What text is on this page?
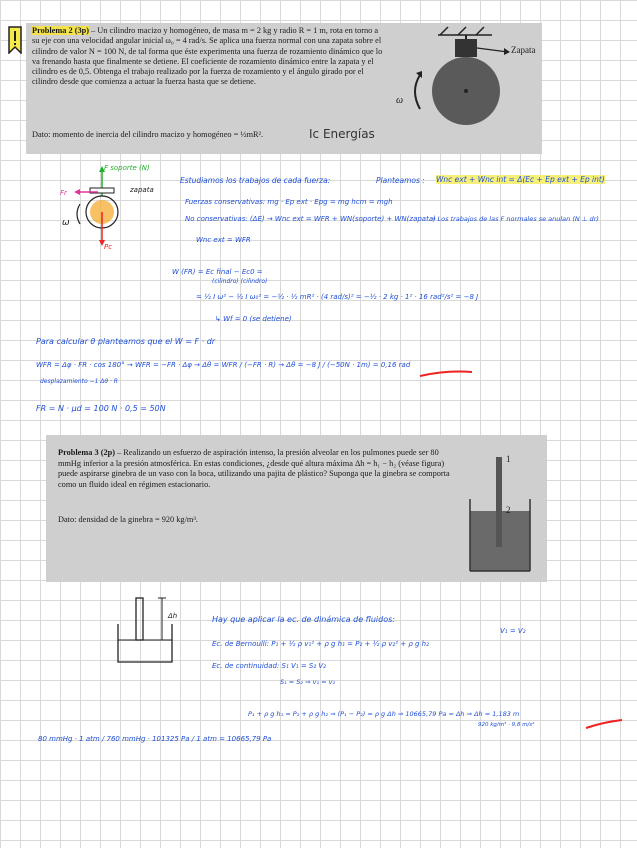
Problema 2 (3p) – Un cilindro macizo y homogéneo, de masa m = 2 kg y radio R = 1 m, rota en torno a su eje con una velocidad angular inicial ω₀ = 4 rad/s. Se aplica una fuerza normal con una zapata sobre el cilindro de valor N = 100 N, de tal forma que éste experimenta una fuerza de rozamiento dinámico que lo va frenando hasta que finalmente se detiene. El coeficiente de rozamiento dinámico entre la zapata y el cilindro es de 0,5. Obtenga el trabajo realizado por la fuerza de rozamiento y el ángulo girado por el cilindro desde que comienza a actuar la fuerza hasta que se detiene.

Dato: momento de inercia del cilindro macizo y homogéneo = ½mR².	Ic Energías
Zapata
ω
F soporte (N)
Fr	zapata
ω
Pc
Estudiamos los trabajos de cada fuerza:	Planteamos : Wnc ext + Wnc int = Δ(Ec + Ep ext + Ep int)
Fuerzas conservativas: mg · Ep ext · Epg = mg hcm = mgh
No conservativas: (ΔE) → Wnc ext = WFR + WN(soporte) + WN(zapata)
→ Los trabajos de las F normales se anulan (N ⊥ dr)
Wnc ext = WFR
W (FR) = Ec final − Ec0 =
(cilindro) (cilindro)
= ½ I ω² − ½ I ω₀² = −½ · ½ mR² · (4 rad/s)² = −½ · 2 kg · 1² · 16 rad²/s² = −8 J
↳ Wf = 0 (se detiene)
Para calcular θ planteamos que el W = F · dr
WFR = Δφ · FR · cos 180° → WFR = −FR · Δφ → Δθ = WFR / (−FR · R) → Δθ = −8 J / (−50N · 1m) = 0,16 rad
desplazamiento −1 Δθ · R
FR = N · μd = 100 N · 0,5 = 50N

Problema 3 (2p) – Realizando un esfuerzo de aspiración intenso, la presión alveolar en los pulmones puede ser 80 mmHg inferior a la presión atmosférica. En estas condiciones, ¿desde qué altura máxima Δh = h₁ − h₂ (véase figura) puede aspirarse ginebra de un vaso con la boca, utilizando una pajita de plástico? Suponga que la ginebra se comporta como un fluido ideal en régimen estacionario.

Dato: densidad de la ginebra = 920 kg/m³.

1
2
Δh	Hay que aplicar la ec. de dinámica de fluidos:
Ec. de Bernoulli: P₁ + ½ ρ v₁² + ρ g h₁ = P₂ + ½ ρ v₂² + ρ g h₂
V₁ = V₂
Ec. de continuidad: S₁ V₁ = S₂ V₂
S₁ = S₂ ⇒ v₁ = v₂
P₁ + ρ g h₁ = P₂ + ρ g h₂ ⇒ (P₁ − P₂) = ρ g Δh ⇒ 10665,79 Pa = Δh ⇒ Δh = 1,183 m
920 kg/m³ · 9,8 m/s²
80 mmHg · 1 atm / 760 mmHg · 101325 Pa / 1 atm = 10665,79 Pa
